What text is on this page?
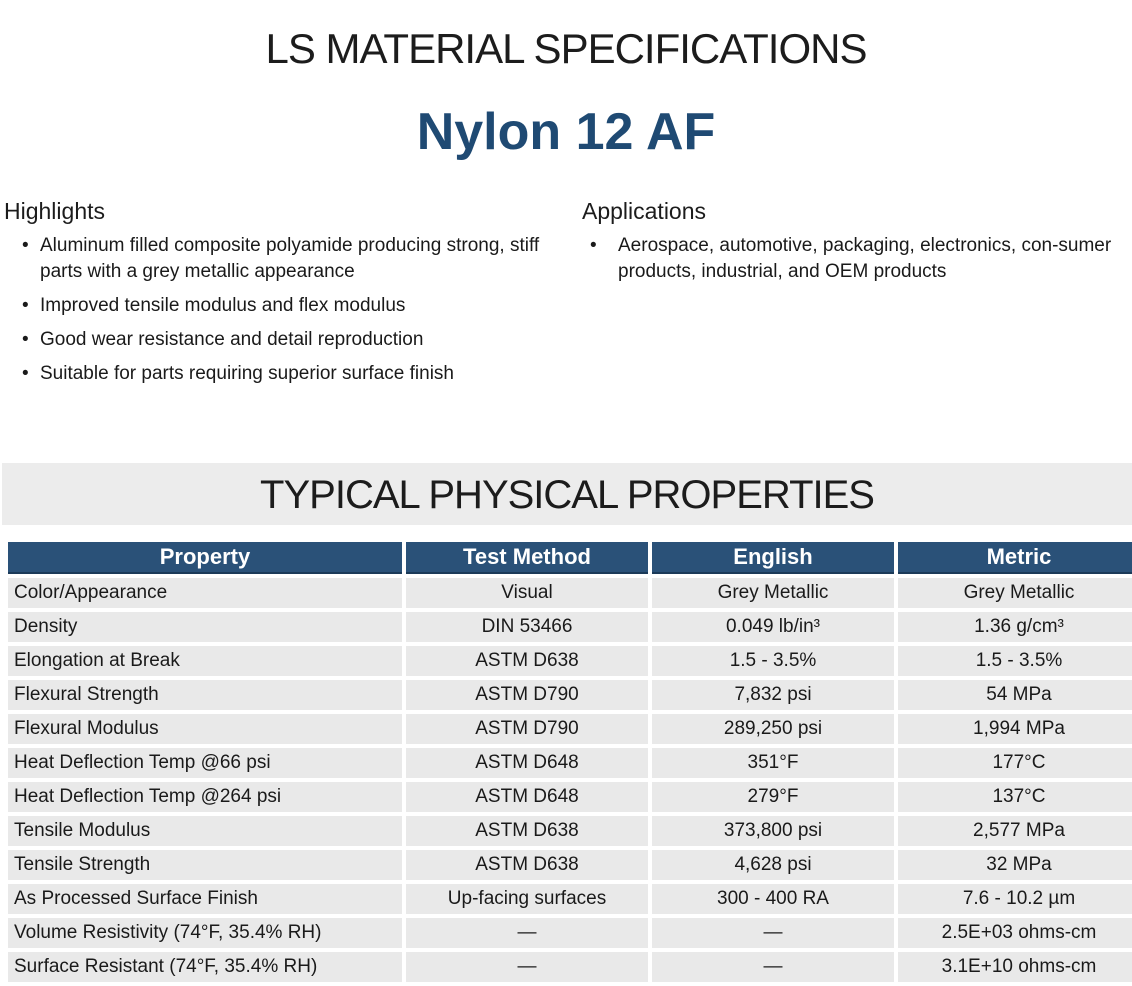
LS MATERIAL SPECIFICATIONS
Nylon 12 AF
Highlights
• Aluminum filled composite polyamide producing strong, stiff parts with a grey metallic appearance
• Improved tensile modulus and flex modulus
• Good wear resistance and detail reproduction
• Suitable for parts requiring superior surface finish
Applications
• Aerospace, automotive, packaging, electronics, con-sumer products, industrial, and OEM products
TYPICAL PHYSICAL PROPERTIES
Property	Test Method	English	Metric
Color/Appearance	Visual	Grey Metallic	Grey Metallic
Density	DIN 53466	0.049 lb/in³	1.36 g/cm³
Elongation at Break	ASTM D638	1.5 - 3.5%	1.5 - 3.5%
Flexural Strength	ASTM D790	7,832 psi	54 MPa
Flexural Modulus	ASTM D790	289,250 psi	1,994 MPa
Heat Deflection Temp @66 psi	ASTM D648	351°F	177°C
Heat Deflection Temp @264 psi	ASTM D648	279°F	137°C
Tensile Modulus	ASTM D638	373,800 psi	2,577 MPa
Tensile Strength	ASTM D638	4,628 psi	32 MPa
As Processed Surface Finish	Up-facing surfaces	300 - 400 RA	7.6 - 10.2 µm
Volume Resistivity (74°F, 35.4% RH)	—	—	2.5E+03 ohms-cm
Surface Resistant (74°F, 35.4% RH)	—	—	3.1E+10 ohms-cm
